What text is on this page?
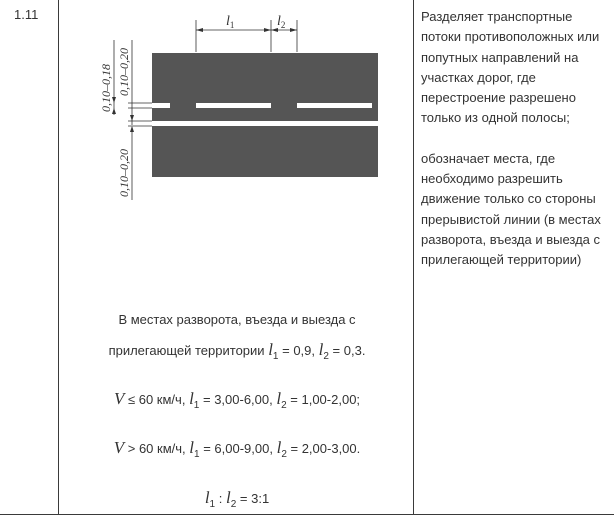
1.11	$l_1$	$l_2$
0,10–0,18 0,10–0,20
0,10–0,20
В местах разворота, въезда и выезда с
прилегающей территории $l_1 = 0,9$, $l_2 = 0,3$.
V ≤ 60 км/ч, $l_1 = 3,00-6,00$, $l_2 = 1,00-2,00$;
V > 60 км/ч, $l_1 = 6,00-9,00$, $l_2 = 2,00-3,00$.
$l_1$ : $l_2$ = 3:1

Разделяет транспортные потоки противоположных или попутных направлений на участках дорог, где перестроение разрешено только из одной полосы;

обозначает места, где необходимо разрешить движение только со стороны прерывистой линии (в местах разворота, въезда и выезда с прилегающей территории)
